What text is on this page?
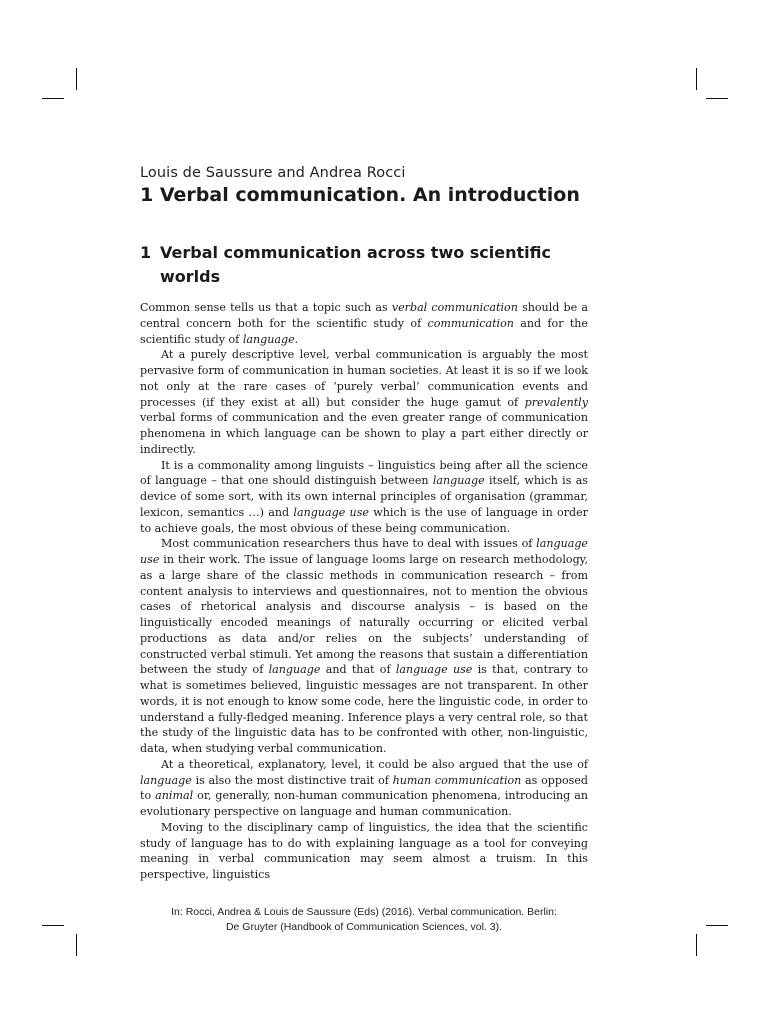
Louis de Saussure and Andrea Rocci
1 Verbal communication. An introduction
1 Verbal communication across two scientific worlds

Common sense tells us that a topic such as verbal communication should be a central concern both for the scientific study of communication and for the scientific study of language.

At a purely descriptive level, verbal communication is arguably the most pervasive form of communication in human societies. At least it is so if we look not only at the rare cases of ‘purely verbal’ communication events and processes (if they exist at all) but consider the huge gamut of prevalently verbal forms of communication and the even greater range of communication phenomena in which language can be shown to play a part either directly or indirectly.

It is a commonality among linguists – linguistics being after all the science of language – that one should distinguish between language itself, which is as device of some sort, with its own internal principles of organisation (grammar, lexicon, semantics …) and language use which is the use of language in order to achieve goals, the most obvious of these being communication.

Most communication researchers thus have to deal with issues of language use in their work. The issue of language looms large on research methodology, as a large share of the classic methods in communication research – from content analysis to interviews and questionnaires, not to mention the obvious cases of rhetorical analysis and discourse analysis – is based on the linguistically encoded meanings of naturally occurring or elicited verbal productions as data and/or relies on the subjects’ understanding of constructed verbal stimuli. Yet among the reasons that sustain a differentiation between the study of language and that of language use is that, contrary to what is sometimes believed, linguistic messages are not transparent. In other words, it is not enough to know some code, here the linguistic code, in order to understand a fully-fledged meaning. Inference plays a very central role, so that the study of the linguistic data has to be confronted with other, non-linguistic, data, when studying verbal communication.

At a theoretical, explanatory, level, it could be also argued that the use of language is also the most distinctive trait of human communication as opposed to animal or, generally, non-human communication phenomena, introducing an evolutionary perspective on language and human communication.

Moving to the disciplinary camp of linguistics, the idea that the scientific study of language has to do with explaining language as a tool for conveying meaning in verbal communication may seem almost a truism. In this perspective, linguistics

In: Rocci, Andrea & Louis de Saussure (Eds) (2016). Verbal communication. Berlin:
De Gruyter (Handbook of Communication Sciences, vol. 3).
